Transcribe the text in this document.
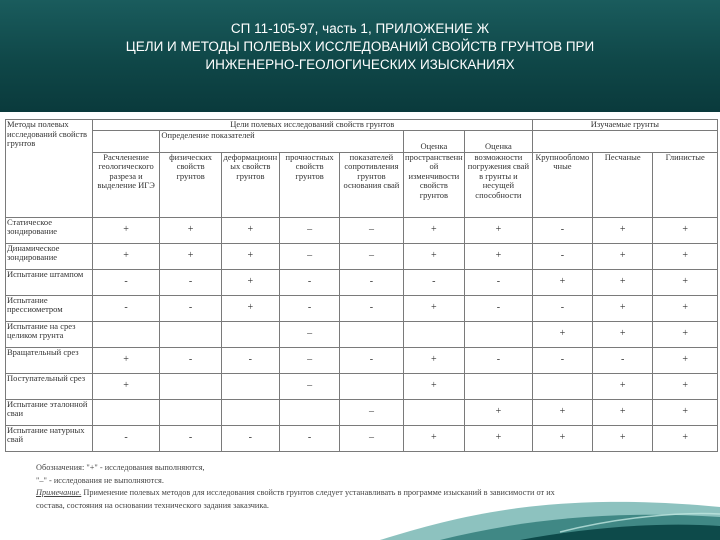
СП 11-105-97, часть 1, ПРИЛОЖЕНИЕ Ж
ЦЕЛИ И МЕТОДЫ ПОЛЕВЫХ ИССЛЕДОВАНИЙ СВОЙСТВ ГРУНТОВ ПРИ
ИНЖЕНЕРНО-ГЕОЛОГИЧЕСКИХ ИЗЫСКАНИЯХ
Методы полевых исследований свойств грунтов	Цели полевых исследований свойств грунтов							Изучаемые грунты		
		Определение показателей				Оценка	Оценка			
	Расчленение геологического разреза и выделение ИГЭ	физических свойств грунтов	деформационных свойств грунтов	прочностных свойств грунтов	показателей сопротивления грунтов основания свай	пространственной изменчивости свойств грунтов	возможности погружения свай в грунты и несущей способности	Крупнообломочные	Песчаные	Глинистые
Статическое зондирование	+	+	+	–	–	+	+	-	+	+
Динамическое зондирование	+	+	+	–	–	+	+	-	+	+
Испытание штампом	-	-	+	-	-	-	-	+	+	+
Испытание прессиометром	-	-	+	-	-	+	-	-	+	+
Испытание на срез целиком грунта				–				+	+	+
Вращательный срез	+	-	-	–	-	+	-	-	-	+
Поступательный срез	+			–		+			+	+
Испытание эталонной сваи					–		+	+	+	+
Испытание натурных свай	-	-	-	-	–	+	+	+	+	+
Обозначения: "+" - исследования выполняются,
"–" - исследования не выполняются.
Примечание. Применение полевых методов для исследования свойств грунтов следует устанавливать в программе изысканий в зависимости от их
состава, состояния на основании технического задания заказчика.
